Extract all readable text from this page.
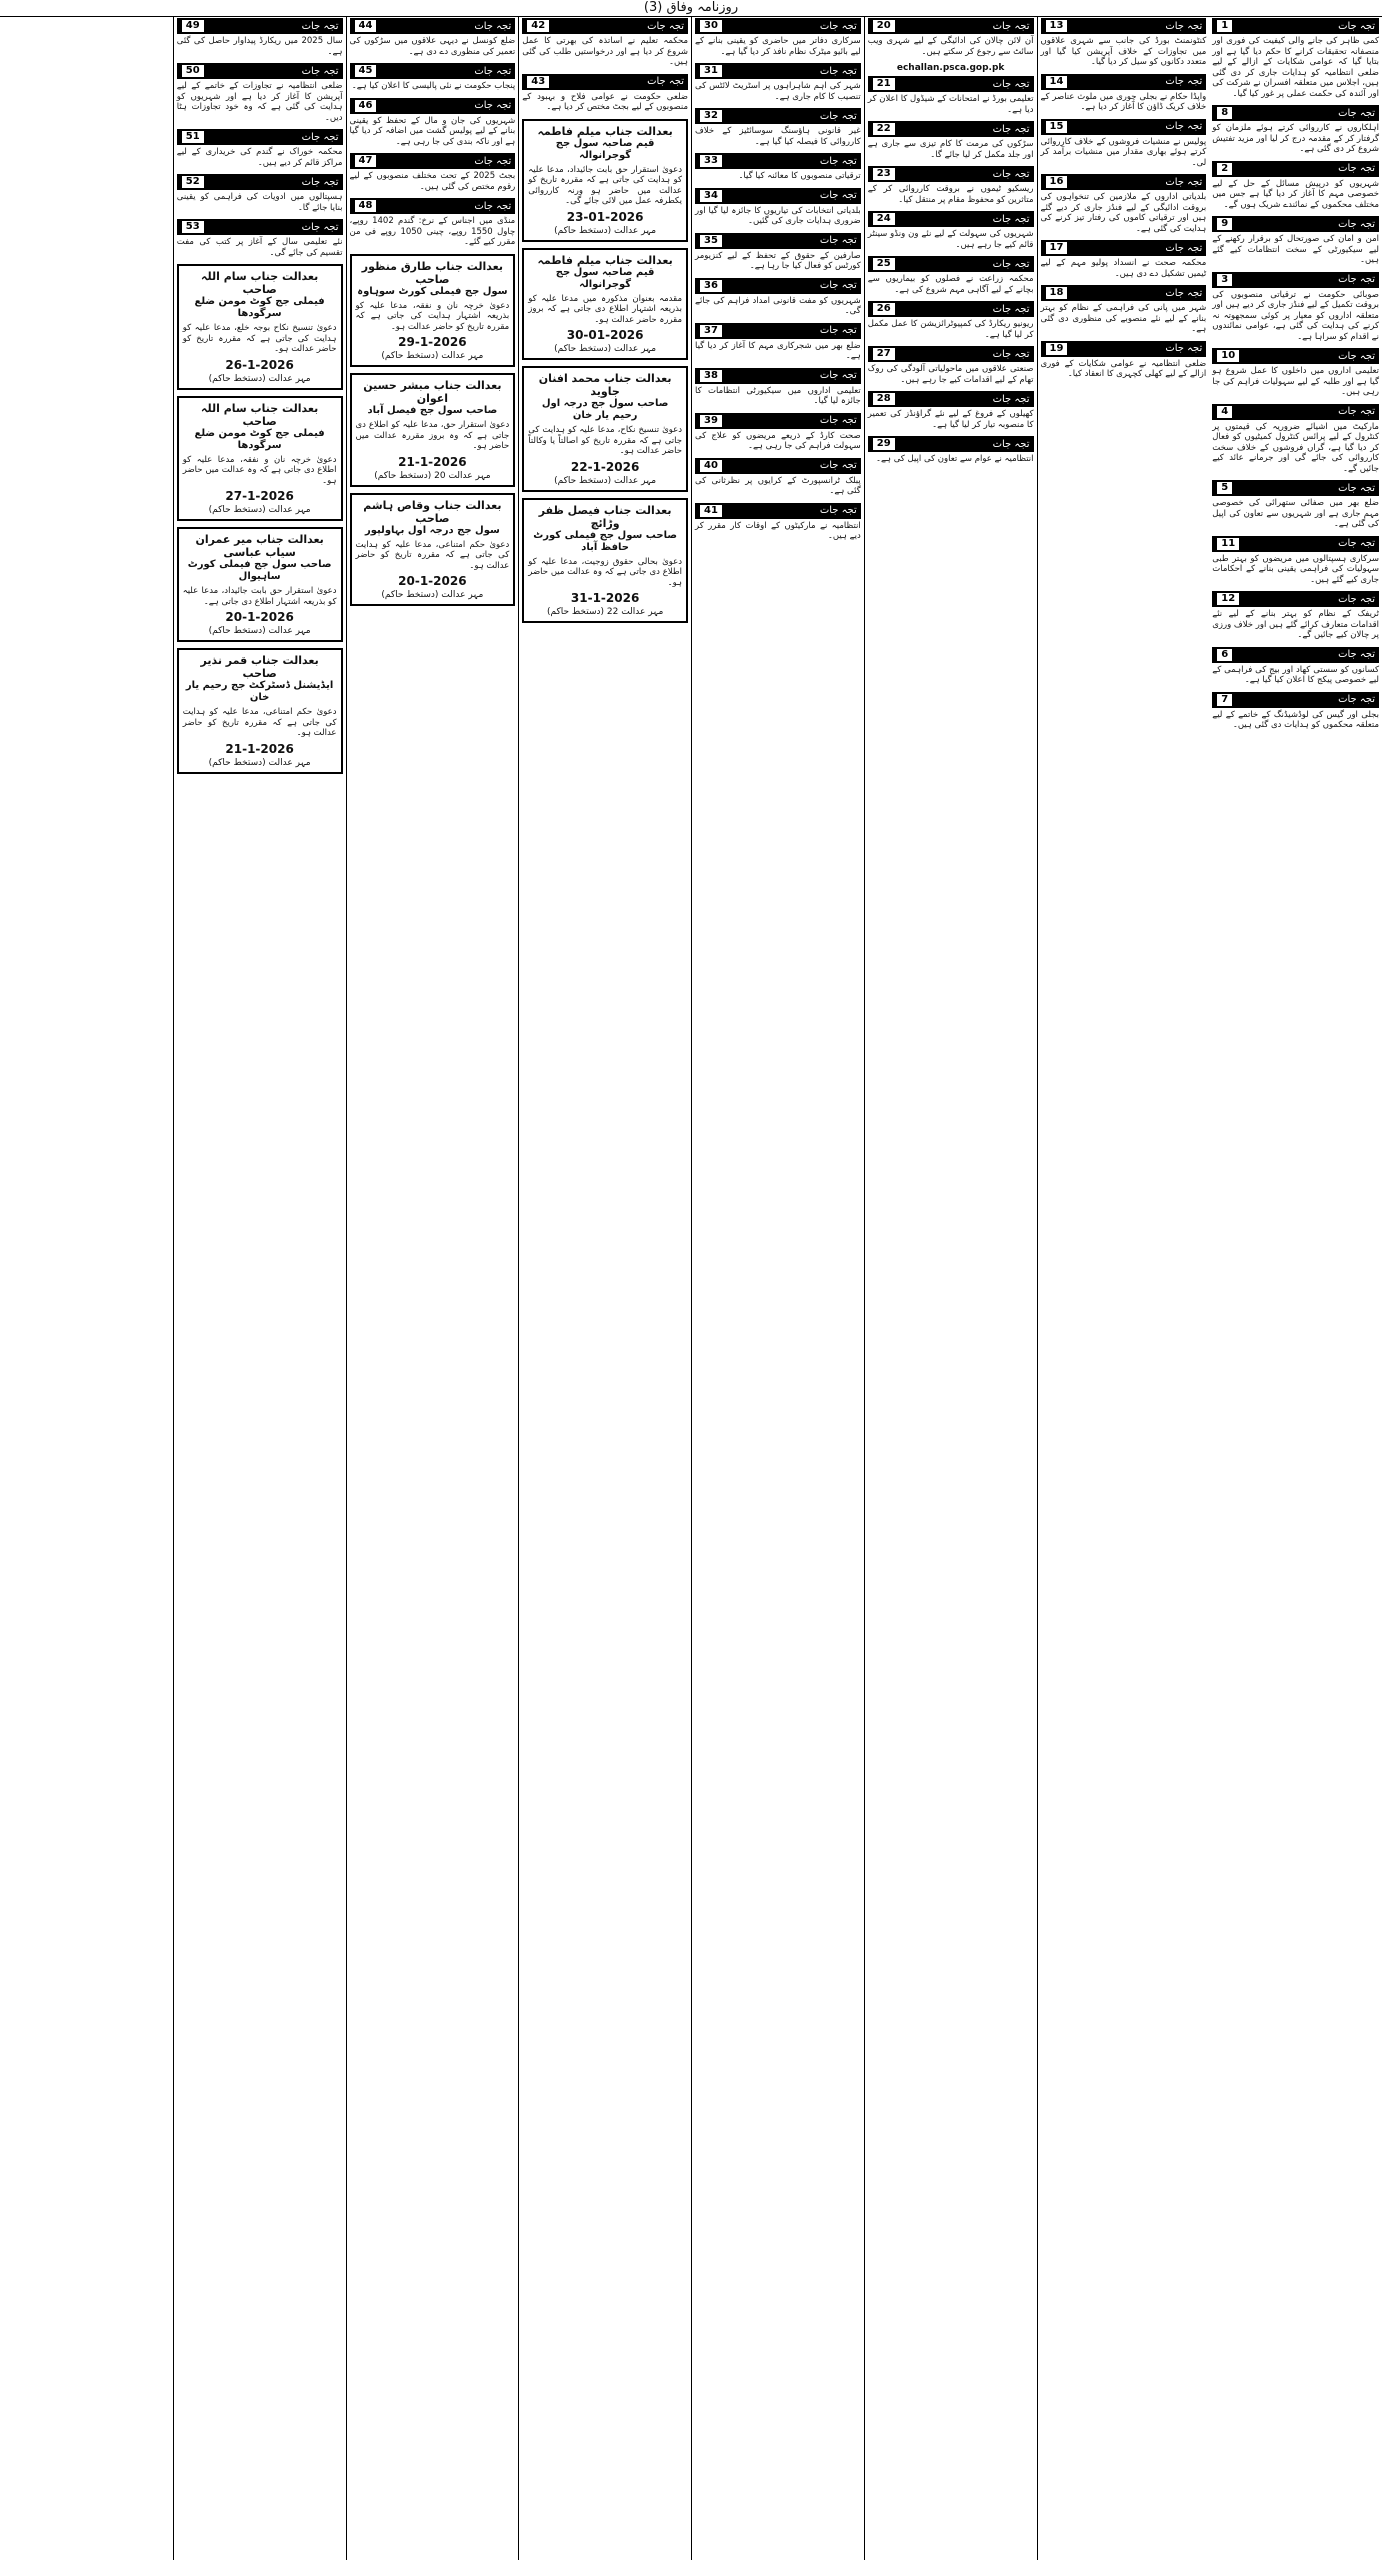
روزنامہ وفاق (3)
1	تجہ جات
کمی ظاہر کی جانے والی کیفیت کی فوری اور منصفانہ تحقیقات کرانے کا حکم دیا گیا ہے اور بتایا گیا کہ عوامی شکایات کے ازالے کے لیے ضلعی انتظامیہ کو ہدایات جاری کر دی گئی ہیں، اجلاس میں متعلقہ افسران نے شرکت کی اور آئندہ کی حکمت عملی پر غور کیا گیا۔
8	تجہ جات
اہلکاروں نے کارروائی کرتے ہوئے ملزمان کو گرفتار کر کے مقدمہ درج کر لیا اور مزید تفتیش شروع کر دی گئی ہے۔
2	تجہ جات
شہریوں کو درپیش مسائل کے حل کے لیے خصوصی مہم کا آغاز کر دیا گیا ہے جس میں مختلف محکموں کے نمائندے شریک ہوں گے۔
9	تجہ جات
امن و امان کی صورتحال کو برقرار رکھنے کے لیے سیکیورٹی کے سخت انتظامات کیے گئے ہیں۔
3	تجہ جات
صوبائی حکومت نے ترقیاتی منصوبوں کی بروقت تکمیل کے لیے فنڈز جاری کر دیے ہیں اور متعلقہ اداروں کو معیار پر کوئی سمجھوتہ نہ کرنے کی ہدایت کی گئی ہے، عوامی نمائندوں نے اقدام کو سراہا ہے۔
10	تجہ جات
تعلیمی اداروں میں داخلوں کا عمل شروع ہو گیا ہے اور طلبہ کے لیے سہولیات فراہم کی جا رہی ہیں۔
4	تجہ جات
مارکیٹ میں اشیائے ضروریہ کی قیمتوں پر کنٹرول کے لیے پرائس کنٹرول کمیٹیوں کو فعال کر دیا گیا ہے، گراں فروشوں کے خلاف سخت کارروائی کی جائے گی اور جرمانے عائد کیے جائیں گے۔
5	تجہ جات
ضلع بھر میں صفائی ستھرائی کی خصوصی مہم جاری ہے اور شہریوں سے تعاون کی اپیل کی گئی ہے۔
11	تجہ جات
سرکاری ہسپتالوں میں مریضوں کو بہتر طبی سہولیات کی فراہمی یقینی بنانے کے احکامات جاری کیے گئے ہیں۔
12	تجہ جات
ٹریفک کے نظام کو بہتر بنانے کے لیے نئے اقدامات متعارف کرائے گئے ہیں اور خلاف ورزی پر چالان کیے جائیں گے۔
6	تجہ جات
کسانوں کو سستی کھاد اور بیج کی فراہمی کے لیے خصوصی پیکج کا اعلان کیا گیا ہے۔
7	تجہ جات
بجلی اور گیس کی لوڈشیڈنگ کے خاتمے کے لیے متعلقہ محکموں کو ہدایات دی گئی ہیں۔
13	تجہ جات
کنٹونمنٹ بورڈ کی جانب سے شہری علاقوں میں تجاوزات کے خلاف آپریشن کیا گیا اور متعدد دکانوں کو سیل کر دیا گیا۔
14	تجہ جات
واپڈا حکام نے بجلی چوری میں ملوث عناصر کے خلاف کریک ڈاؤن کا آغاز کر دیا ہے۔
15	تجہ جات
پولیس نے منشیات فروشوں کے خلاف کارروائی کرتے ہوئے بھاری مقدار میں منشیات برآمد کر لی۔
16	تجہ جات
بلدیاتی اداروں کے ملازمین کی تنخواہوں کی بروقت ادائیگی کے لیے فنڈز جاری کر دیے گئے ہیں اور ترقیاتی کاموں کی رفتار تیز کرنے کی ہدایت کی گئی ہے۔
17	تجہ جات
محکمہ صحت نے انسداد پولیو مہم کے لیے ٹیمیں تشکیل دے دی ہیں۔
18	تجہ جات
شہر میں پانی کی فراہمی کے نظام کو بہتر بنانے کے لیے نئے منصوبے کی منظوری دی گئی ہے۔
19	تجہ جات
ضلعی انتظامیہ نے عوامی شکایات کے فوری ازالے کے لیے کھلی کچہری کا انعقاد کیا۔
20	تجہ جات
آن لائن چالان کی ادائیگی کے لیے شہری ویب سائٹ سے رجوع کر سکتے ہیں۔
echallan.psca.gop.pk
21	تجہ جات
تعلیمی بورڈ نے امتحانات کے شیڈول کا اعلان کر دیا ہے۔
22	تجہ جات
سڑکوں کی مرمت کا کام تیزی سے جاری ہے اور جلد مکمل کر لیا جائے گا۔
23	تجہ جات
ریسکیو ٹیموں نے بروقت کارروائی کر کے متاثرین کو محفوظ مقام پر منتقل کیا۔
24	تجہ جات
شہریوں کی سہولت کے لیے نئے ون ونڈو سینٹر قائم کیے جا رہے ہیں۔
25	تجہ جات
محکمہ زراعت نے فصلوں کو بیماریوں سے بچانے کے لیے آگاہی مہم شروع کی ہے۔
26	تجہ جات
ریونیو ریکارڈ کی کمپیوٹرائزیشن کا عمل مکمل کر لیا گیا ہے۔
27	تجہ جات
صنعتی علاقوں میں ماحولیاتی آلودگی کی روک تھام کے لیے اقدامات کیے جا رہے ہیں۔
28	تجہ جات
کھیلوں کے فروغ کے لیے نئے گراؤنڈز کی تعمیر کا منصوبہ تیار کر لیا گیا ہے۔
29	تجہ جات
انتظامیہ نے عوام سے تعاون کی اپیل کی ہے۔
30	تجہ جات
سرکاری دفاتر میں حاضری کو یقینی بنانے کے لیے بائیو میٹرک نظام نافذ کر دیا گیا ہے۔
31	تجہ جات
شہر کی اہم شاہراہوں پر اسٹریٹ لائٹس کی تنصیب کا کام جاری ہے۔
32	تجہ جات
غیر قانونی ہاؤسنگ سوسائٹیز کے خلاف کارروائی کا فیصلہ کیا گیا ہے۔
33	تجہ جات
ترقیاتی منصوبوں کا معائنہ کیا گیا۔
34	تجہ جات
بلدیاتی انتخابات کی تیاریوں کا جائزہ لیا گیا اور ضروری ہدایات جاری کی گئیں۔
35	تجہ جات
صارفین کے حقوق کے تحفظ کے لیے کنزیومر کورٹس کو فعال کیا جا رہا ہے۔
36	تجہ جات
شہریوں کو مفت قانونی امداد فراہم کی جائے گی۔
37	تجہ جات
ضلع بھر میں شجرکاری مہم کا آغاز کر دیا گیا ہے۔
38	تجہ جات
تعلیمی اداروں میں سیکیورٹی انتظامات کا جائزہ لیا گیا۔
39	تجہ جات
صحت کارڈ کے ذریعے مریضوں کو علاج کی سہولت فراہم کی جا رہی ہے۔
40	تجہ جات
پبلک ٹرانسپورٹ کے کرایوں پر نظرثانی کی گئی ہے۔
41	تجہ جات
انتظامیہ نے مارکیٹوں کے اوقات کار مقرر کر دیے ہیں۔
42	تجہ جات
محکمہ تعلیم نے اساتذہ کی بھرتی کا عمل شروع کر دیا ہے اور درخواستیں طلب کی گئی ہیں۔
43	تجہ جات
ضلعی حکومت نے عوامی فلاح و بہبود کے منصوبوں کے لیے بجٹ مختص کر دیا ہے۔
بعدالت جناب میلم فاطمہ
قیم صاحبہ سول جج گوجرانوالہ
دعویٰ استقرار حق بابت جائیداد، مدعا علیہ کو ہدایت کی جاتی ہے کہ مقررہ تاریخ کو عدالت میں حاضر ہو ورنہ کارروائی یکطرفہ عمل میں لائی جائے گی۔
23-01-2026
مہر عدالت (دستخط حاکم)
بعدالت جناب میلم فاطمہ
قیم صاحبہ سول جج گوجرانوالہ
مقدمہ بعنوان مذکورہ میں مدعا علیہ کو بذریعہ اشتہار اطلاع دی جاتی ہے کہ بروز مقررہ حاضر عدالت ہو۔
30-01-2026
مہر عدالت (دستخط حاکم)
بعدالت جناب محمد افنان جاوید
صاحب سول جج درجہ اول رحیم یار خان
دعویٰ تنسیخ نکاح، مدعا علیہ کو ہدایت کی جاتی ہے کہ مقررہ تاریخ کو اصالتاً یا وکالتاً حاضر عدالت ہو۔
22-1-2026
مہر عدالت (دستخط حاکم)
بعدالت جناب فیصل ظفر وڑائچ
صاحب سول جج فیملی کورٹ حافظ آباد
دعویٰ بحالی حقوق زوجیت، مدعا علیہ کو اطلاع دی جاتی ہے کہ وہ عدالت میں حاضر ہو۔
31-1-2026
مہر عدالت 22 (دستخط حاکم)
44	تجہ جات
ضلع کونسل نے دیہی علاقوں میں سڑکوں کی تعمیر کی منظوری دے دی ہے۔
45	تجہ جات
پنجاب حکومت نے نئی پالیسی کا اعلان کیا ہے۔
46	تجہ جات
شہریوں کی جان و مال کے تحفظ کو یقینی بنانے کے لیے پولیس گشت میں اضافہ کر دیا گیا ہے اور ناکہ بندی کی جا رہی ہے۔
47	تجہ جات
بجٹ 2025 کے تحت مختلف منصوبوں کے لیے رقوم مختص کی گئی ہیں۔
48	تجہ جات
منڈی میں اجناس کے نرخ: گندم 1402 روپے، چاول 1550 روپے، چینی 1050 روپے فی من مقرر کیے گئے۔
بعدالت جناب طارق منظور صاحب
سول جج فیملی کورٹ سوہاوہ
دعویٰ خرچہ نان و نفقہ، مدعا علیہ کو بذریعہ اشتہار ہدایت کی جاتی ہے کہ مقررہ تاریخ کو حاضر عدالت ہو۔
29-1-2026
مہر عدالت (دستخط حاکم)
بعدالت جناب مبشر حسین اعوان
صاحب سول جج فیصل آباد
دعویٰ استقرار حق، مدعا علیہ کو اطلاع دی جاتی ہے کہ وہ بروز مقررہ عدالت میں حاضر ہو۔
21-1-2026
مہر عدالت 20 (دستخط حاکم)
بعدالت جناب وقاص ہاشم صاحب
سول جج درجہ اول بہاولپور
دعویٰ حکم امتناعی، مدعا علیہ کو ہدایت کی جاتی ہے کہ مقررہ تاریخ کو حاضر عدالت ہو۔
20-1-2026
مہر عدالت (دستخط حاکم)
49	تجہ جات
سال 2025 میں ریکارڈ پیداوار حاصل کی گئی ہے۔
50	تجہ جات
ضلعی انتظامیہ نے تجاوزات کے خاتمے کے لیے آپریشن کا آغاز کر دیا ہے اور شہریوں کو ہدایت کی گئی ہے کہ وہ خود تجاوزات ہٹا دیں۔
51	تجہ جات
محکمہ خوراک نے گندم کی خریداری کے لیے مراکز قائم کر دیے ہیں۔
52	تجہ جات
ہسپتالوں میں ادویات کی فراہمی کو یقینی بنایا جائے گا۔
53	تجہ جات
نئے تعلیمی سال کے آغاز پر کتب کی مفت تقسیم کی جائے گی۔
بعدالت جناب سام اللہ صاحب
فیملی جج کوٹ مومن ضلع سرگودھا
دعویٰ تنسیخ نکاح بوجہ خلع، مدعا علیہ کو ہدایت کی جاتی ہے کہ مقررہ تاریخ کو حاضر عدالت ہو۔
26-1-2026
مہر عدالت (دستخط حاکم)
بعدالت جناب سام اللہ صاحب
فیملی جج کوٹ مومن ضلع سرگودھا
دعویٰ خرچہ نان و نفقہ، مدعا علیہ کو اطلاع دی جاتی ہے کہ وہ عدالت میں حاضر ہو۔
27-1-2026
مہر عدالت (دستخط حاکم)
بعدالت جناب میر عمران سیاب عباسی
صاحب سول جج فیملی کورٹ ساہیوال
دعویٰ استقرار حق بابت جائیداد، مدعا علیہ کو بذریعہ اشتہار اطلاع دی جاتی ہے۔
20-1-2026
مہر عدالت (دستخط حاکم)
بعدالت جناب قمر نذیر صاحب
ایڈیشنل ڈسٹرکٹ جج رحیم یار خان
دعویٰ حکم امتناعی، مدعا علیہ کو ہدایت کی جاتی ہے کہ مقررہ تاریخ کو حاضر عدالت ہو۔
21-1-2026
مہر عدالت (دستخط حاکم)
